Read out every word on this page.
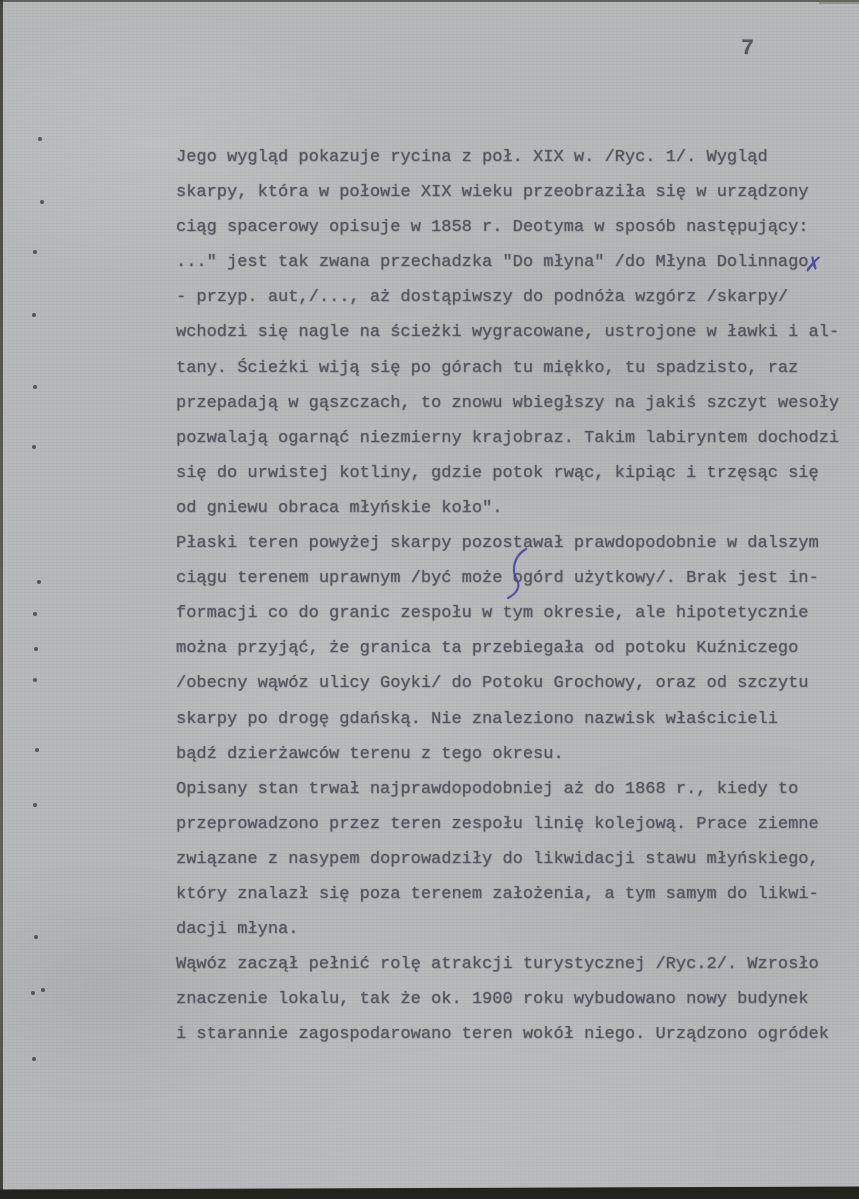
7
Jego wygląd pokazuje rycina z poł. XIX w. /Ryc. 1/. Wygląd
skarpy, która w połowie XIX wieku przeobraziła się w urządzony
ciąg spacerowy opisuje w 1858 r. Deotyma w sposób następujący:
..." jest tak zwana przechadzka "Do młyna" /do Młyna Dolinnago
- przyp. aut,/..., aż dostąpiwszy do podnóża wzgórz /skarpy/
wchodzi się nagle na ścieżki wygracowane, ustrojone w ławki i al-
tany. Ścieżki wiją się po górach tu miękko, tu spadzisto, raz
przepadają w gąszczach, to znowu wbiegłszy na jakiś szczyt wesoły
pozwalają ogarnąć niezmierny krajobraz. Takim labiryntem dochodzi
się do urwistej kotliny, gdzie potok rwąc, kipiąc i trzęsąc się
od gniewu obraca młyńskie koło".
Płaski teren powyżej skarpy pozostawał prawdopodobnie w dalszym
ciągu terenem uprawnym /być może ogórd użytkowy/. Brak jest in-
formacji co do granic zespołu w tym okresie, ale hipotetycznie
można przyjąć, że granica ta przebiegała od potoku Kuźniczego
/obecny wąwóz ulicy Goyki/ do Potoku Grochowy, oraz od szczytu
skarpy po drogę gdańską. Nie znaleziono nazwisk właścicieli
bądź dzierżawców terenu z tego okresu.
Opisany stan trwał najprawdopodobniej aż do 1868 r., kiedy to
przeprowadzono przez teren zespołu linię kolejową. Prace ziemne
związane z nasypem doprowadziły do likwidacji stawu młyńskiego,
który znalazł się poza terenem założenia, a tym samym do likwi-
dacji młyna.
Wąwóz zaczął pełnić rolę atrakcji turystycznej /Ryc.2/. Wzrosło
znaczenie lokalu, tak że ok. 1900 roku wybudowano nowy budynek
i starannie zagospodarowano teren wokół niego. Urządzono ogródek
✗
